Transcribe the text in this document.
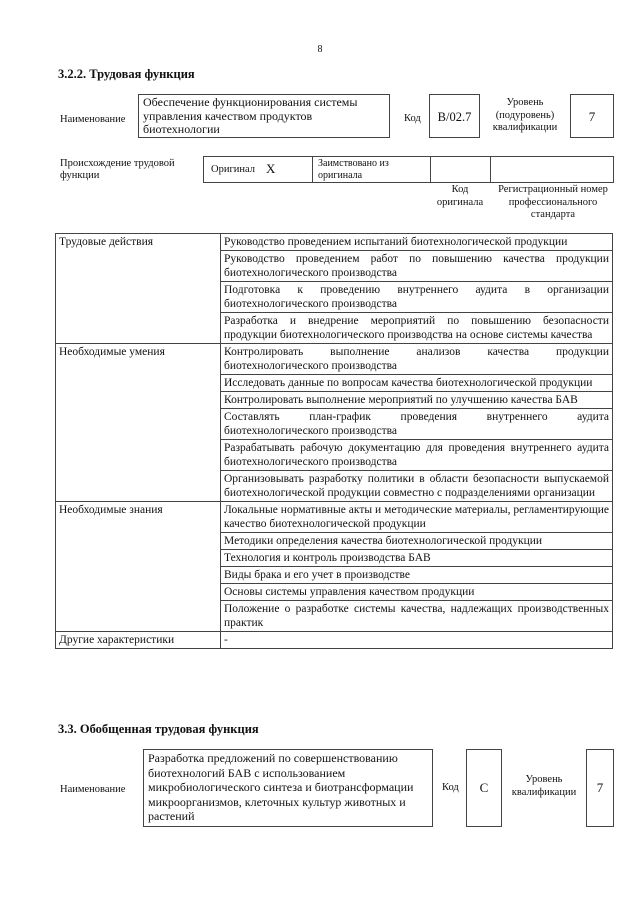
8
3.2.2. Трудовая функция
Наименование
Обеспечение функционирования системы управления качеством продуктов биотехнологии
Код	В/02.7
Уровень (подуровень) квалификации
7
Происхождение трудовой функции
Оригинал X	Заимствовано из оригинала
Код оригинала
Регистрационный номер профессионального стандарта
Трудовые действия	Руководство проведением испытаний биотехнологической продукции
	Руководство проведением работ по повышению качества продукции биотехнологического производства
	Подготовка к проведению внутреннего аудита в организации биотехнологического производства
	Разработка и внедрение мероприятий по повышению безопасности продукции биотехнологического производства на основе системы качества
Необходимые умения	Контролировать выполнение анализов качества продукции биотехнологического производства
	Исследовать данные по вопросам качества биотехнологической продукции
	Контролировать выполнение мероприятий по улучшению качества БАВ
	Составлять план-график проведения внутреннего аудита биотехнологического производства
	Разрабатывать рабочую документацию для проведения внутреннего аудита биотехнологического производства
	Организовывать разработку политики в области безопасности выпускаемой биотехнологической продукции совместно с подразделениями организации
Необходимые знания	Локальные нормативные акты и методические материалы, регламентирующие качество биотехнологической продукции
	Методики определения качества биотехнологической продукции
	Технология и контроль производства БАВ
	Виды брака и его учет в производстве
	Основы системы управления качеством продукции
	Положение о разработке системы качества, надлежащих производственных практик
Другие характеристики	-
3.3. Обобщенная трудовая функция
Наименование
Разработка предложений по совершенствованию биотехнологий БАВ с использованием микробиологического синтеза и биотрансформации микроорганизмов, клеточных культур животных и растений
Код	С
Уровень квалификации	7
